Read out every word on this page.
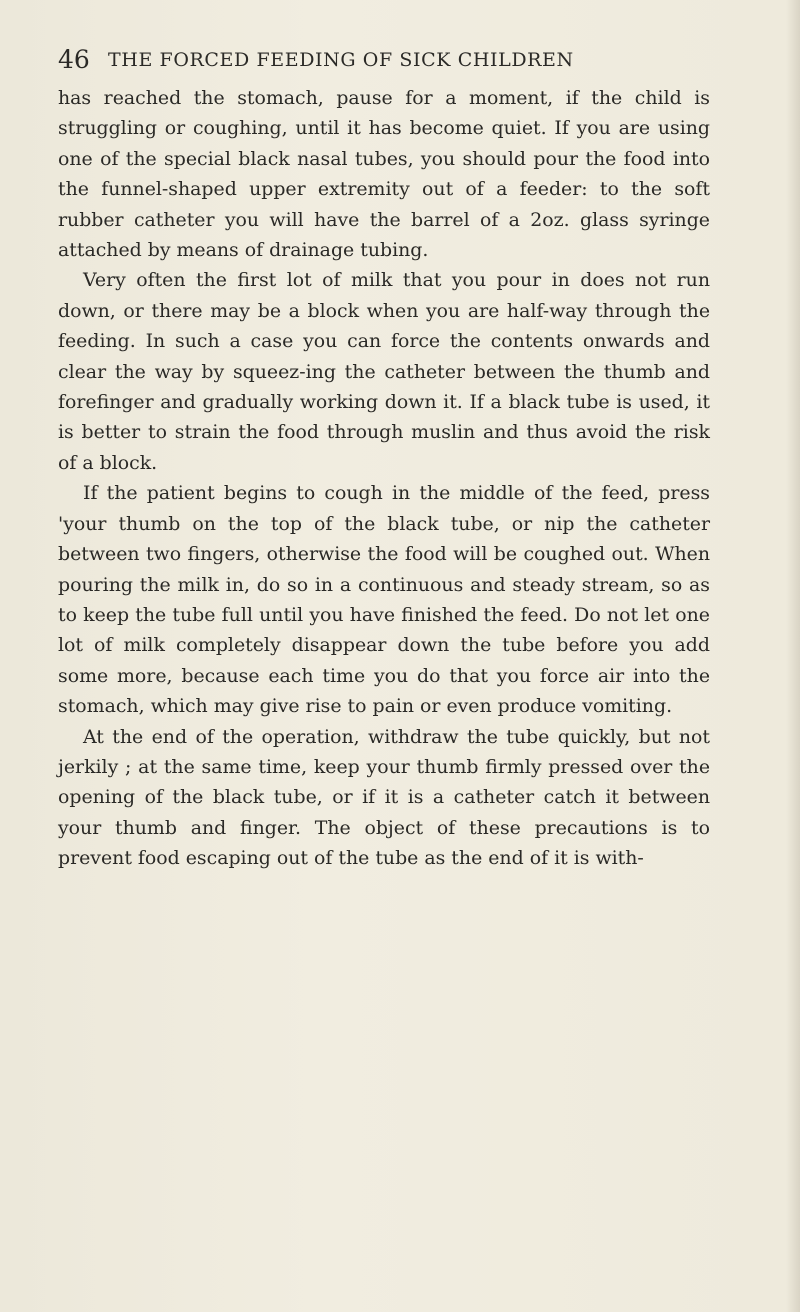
46 THE FORCED FEEDING OF SICK CHILDREN

has reached the stomach, pause for a moment, if the child is struggling or coughing, until it has become quiet. If you are using one of the special black nasal tubes, you should pour the food into the funnel-shaped upper extremity out of a feeder: to the soft rubber catheter you will have the barrel of a 2oz. glass syringe attached by means of drainage tubing.

Very often the first lot of milk that you pour in does not run down, or there may be a block when you are half-way through the feeding. In such a case you can force the contents onwards and clear the way by squeez-ing the catheter between the thumb and forefinger and gradually working down it. If a black tube is used, it is better to strain the food through muslin and thus avoid the risk of a block.

If the patient begins to cough in the middle of the feed, press 'your thumb on the top of the black tube, or nip the catheter between two fingers, otherwise the food will be coughed out. When pouring the milk in, do so in a continuous and steady stream, so as to keep the tube full until you have finished the feed. Do not let one lot of milk completely disappear down the tube before you add some more, because each time you do that you force air into the stomach, which may give rise to pain or even produce vomiting.

At the end of the operation, withdraw the tube quickly, but not jerkily ; at the same time, keep your thumb firmly pressed over the opening of the black tube, or if it is a catheter catch it between your thumb and finger. The object of these precautions is to prevent food escaping out of the tube as the end of it is with-
